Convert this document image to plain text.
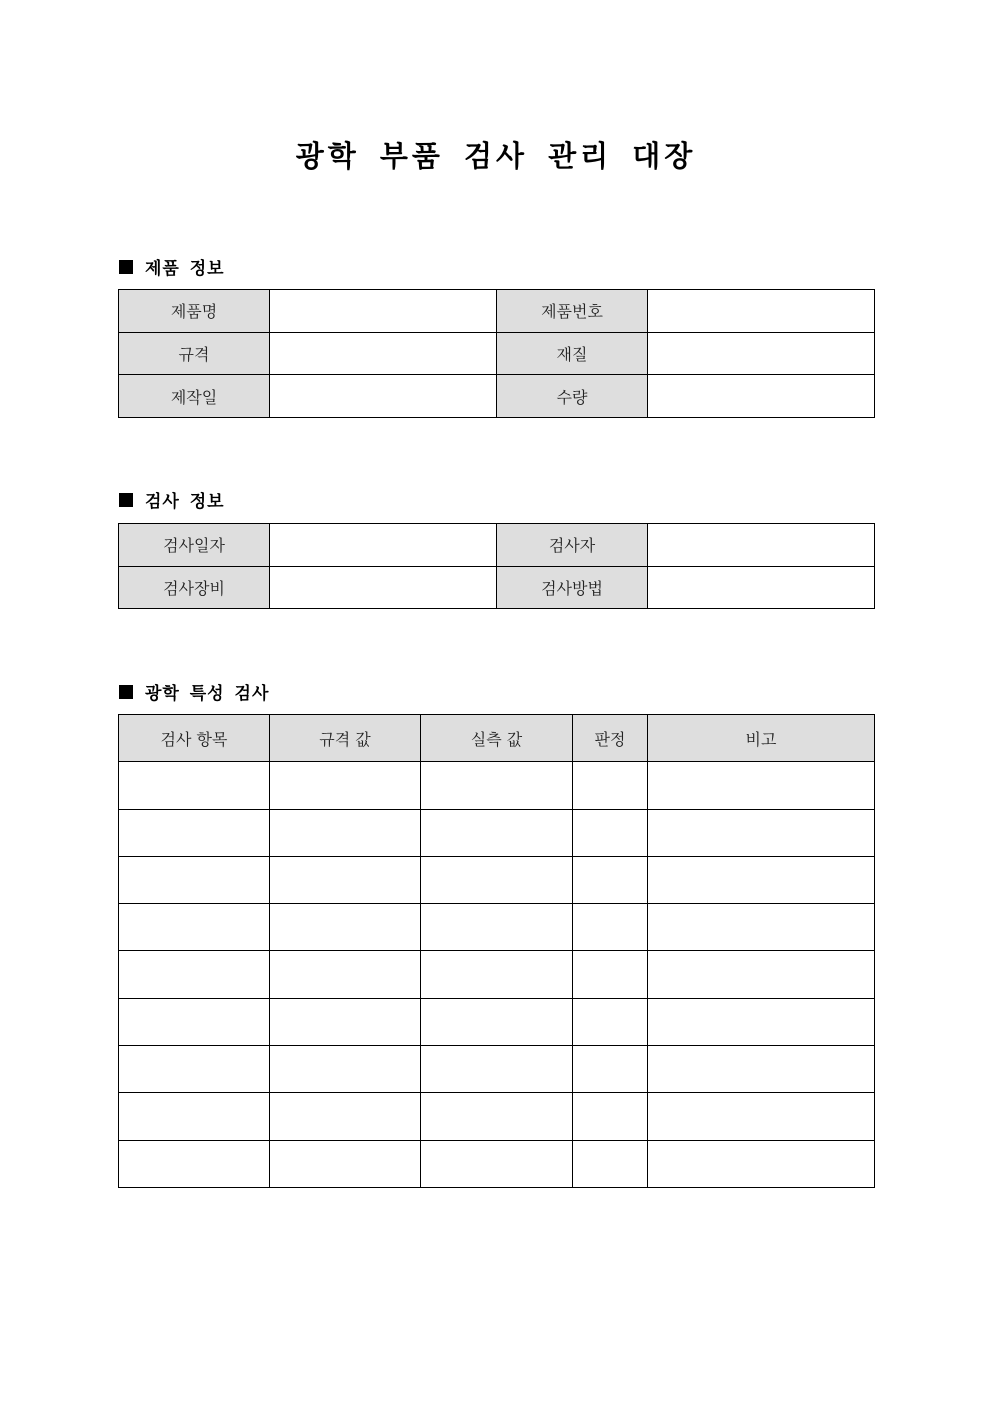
광학 부품 검사 관리 대장
제품 정보
제품명		제품번호	
규격		재질	
제작일		수량	
검사 정보
검사일자		검사자	
검사장비		검사방법	
광학 특성 검사
검사 항목	규격 값	실측 값	판정	비고
